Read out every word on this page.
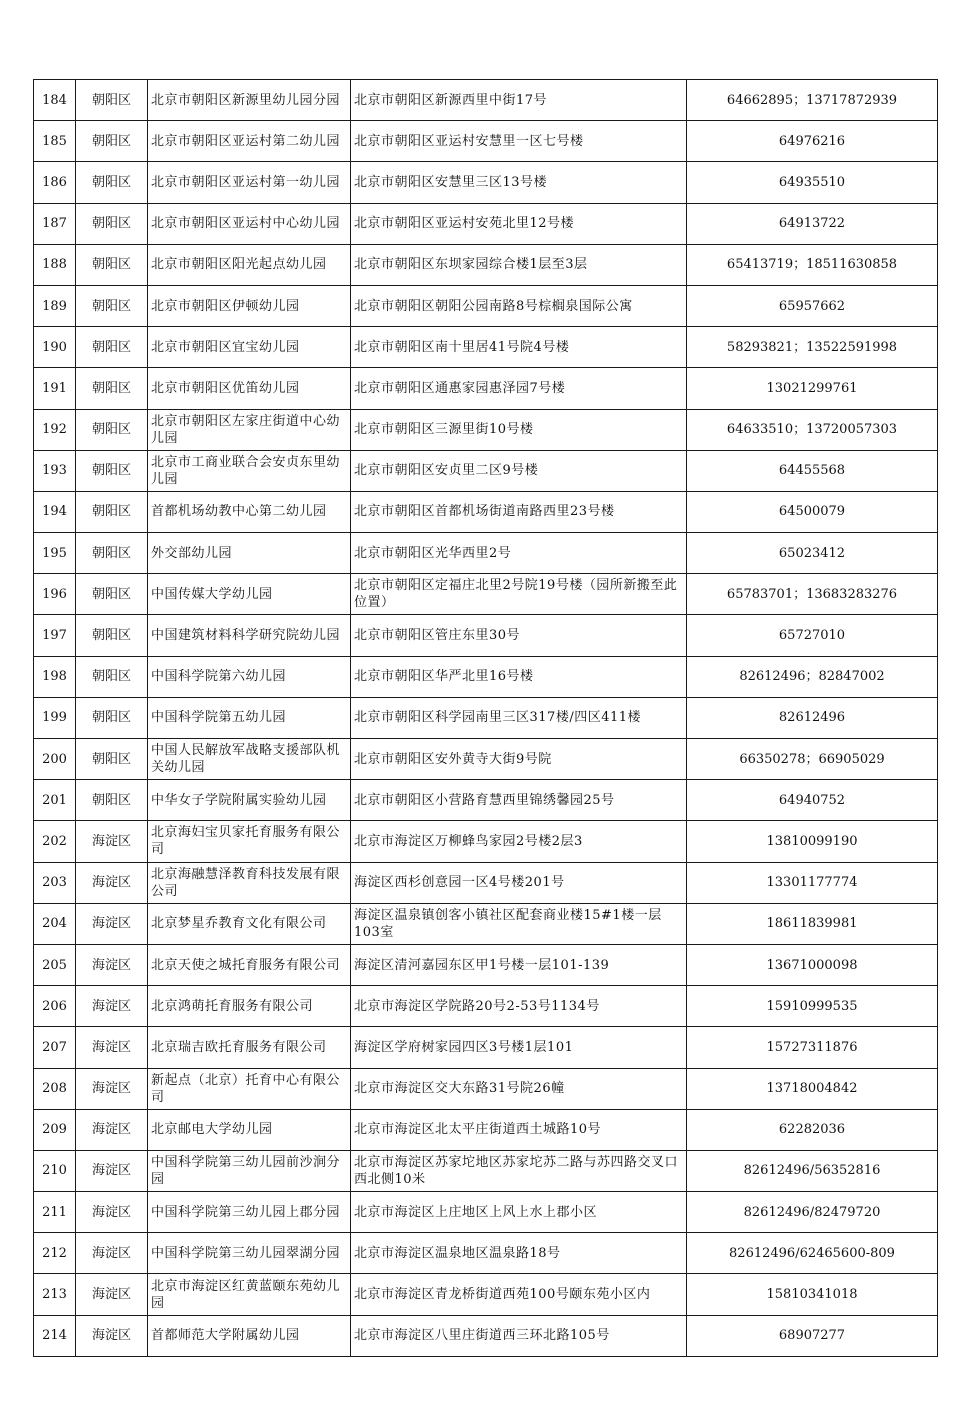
184	朝阳区	北京市朝阳区新源里幼儿园分园	北京市朝阳区新源西里中街17号	64662895；13717872939
185	朝阳区	北京市朝阳区亚运村第二幼儿园	北京市朝阳区亚运村安慧里一区七号楼	64976216
186	朝阳区	北京市朝阳区亚运村第一幼儿园	北京市朝阳区安慧里三区13号楼	64935510
187	朝阳区	北京市朝阳区亚运村中心幼儿园	北京市朝阳区亚运村安苑北里12号楼	64913722
188	朝阳区	北京市朝阳区阳光起点幼儿园	北京市朝阳区东坝家园综合楼1层至3层	65413719；18511630858
189	朝阳区	北京市朝阳区伊顿幼儿园	北京市朝阳区朝阳公园南路8号棕榈泉国际公寓	65957662
190	朝阳区	北京市朝阳区宜宝幼儿园	北京市朝阳区南十里居41号院4号楼	58293821；13522591998
191	朝阳区	北京市朝阳区优笛幼儿园	北京市朝阳区通惠家园惠泽园7号楼	13021299761
192	朝阳区	北京市朝阳区左家庄街道中心幼儿园	北京市朝阳区三源里街10号楼	64633510；13720057303
193	朝阳区	北京市工商业联合会安贞东里幼儿园	北京市朝阳区安贞里二区9号楼	64455568
194	朝阳区	首都机场幼教中心第二幼儿园	北京市朝阳区首都机场街道南路西里23号楼	64500079
195	朝阳区	外交部幼儿园	北京市朝阳区光华西里2号	65023412
196	朝阳区	中国传媒大学幼儿园	北京市朝阳区定福庄北里2号院19号楼（园所新搬至此位置）	65783701；13683283276
197	朝阳区	中国建筑材料科学研究院幼儿园	北京市朝阳区管庄东里30号	65727010
198	朝阳区	中国科学院第六幼儿园	北京市朝阳区华严北里16号楼	82612496；82847002
199	朝阳区	中国科学院第五幼儿园	北京市朝阳区科学园南里三区317楼/四区411楼	82612496
200	朝阳区	中国人民解放军战略支援部队机关幼儿园	北京市朝阳区安外黄寺大街9号院	66350278；66905029
201	朝阳区	中华女子学院附属实验幼儿园	北京市朝阳区小营路育慧西里锦绣馨园25号	64940752
202	海淀区	北京海妇宝贝家托育服务有限公司	北京市海淀区万柳蜂鸟家园2号楼2层3	13810099190
203	海淀区	北京海融慧泽教育科技发展有限公司	海淀区西杉创意园一区4号楼201号	13301177774
204	海淀区	北京梦星乔教育文化有限公司	海淀区温泉镇创客小镇社区配套商业楼15#1楼一层103室	18611839981
205	海淀区	北京天使之城托育服务有限公司	海淀区清河嘉园东区甲1号楼一层101-139	13671000098
206	海淀区	北京鸿萌托育服务有限公司	北京市海淀区学院路20号2-53号1134号	15910999535
207	海淀区	北京瑞吉欧托育服务有限公司	海淀区学府树家园四区3号楼1层101	15727311876
208	海淀区	新起点（北京）托育中心有限公司	北京市海淀区交大东路31号院26幢	13718004842
209	海淀区	北京邮电大学幼儿园	北京市海淀区北太平庄街道西土城路10号	62282036
210	海淀区	中国科学院第三幼儿园前沙涧分园	北京市海淀区苏家坨地区苏家坨苏二路与苏四路交叉口西北侧10米	82612496/56352816
211	海淀区	中国科学院第三幼儿园上郡分园	北京市海淀区上庄地区上风上水上郡小区	82612496/82479720
212	海淀区	中国科学院第三幼儿园翠湖分园	北京市海淀区温泉地区温泉路18号	82612496/62465600-809
213	海淀区	北京市海淀区红黄蓝颐东苑幼儿园	北京市海淀区青龙桥街道西苑100号颐东苑小区内	15810341018
214	海淀区	首都师范大学附属幼儿园	北京市海淀区八里庄街道西三环北路105号	68907277
